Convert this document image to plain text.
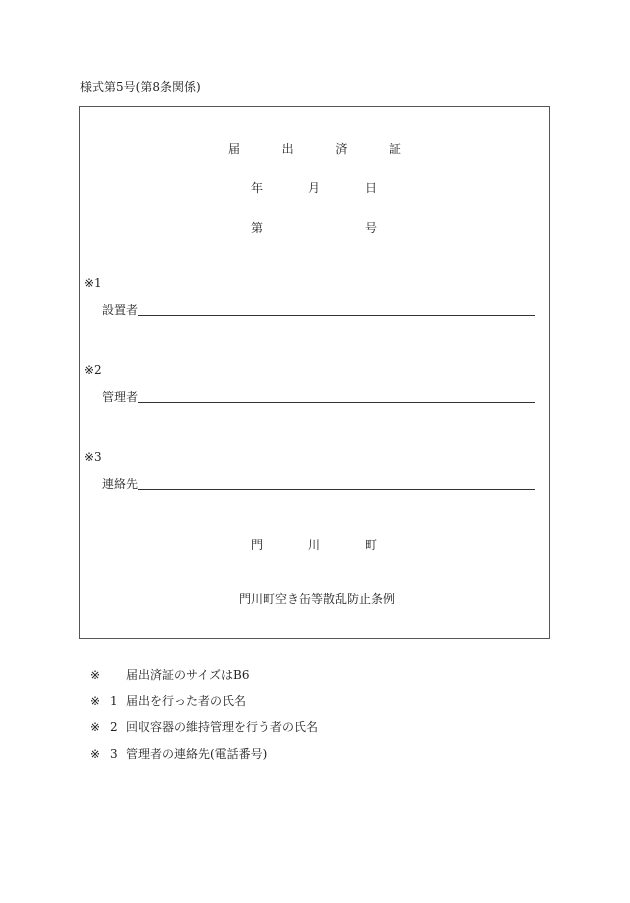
様式第5号(第8条関係)
届	出	済	証
年	月	日
第	号
※1
設置者
※2
管理者
※3
連絡先
門	川	町
門川町空き缶等散乱防止条例
※ 届出済証のサイズはB6
※ 1 届出を行った者の氏名
※ 2 回収容器の維持管理を行う者の氏名
※ 3 管理者の連絡先(電話番号)
